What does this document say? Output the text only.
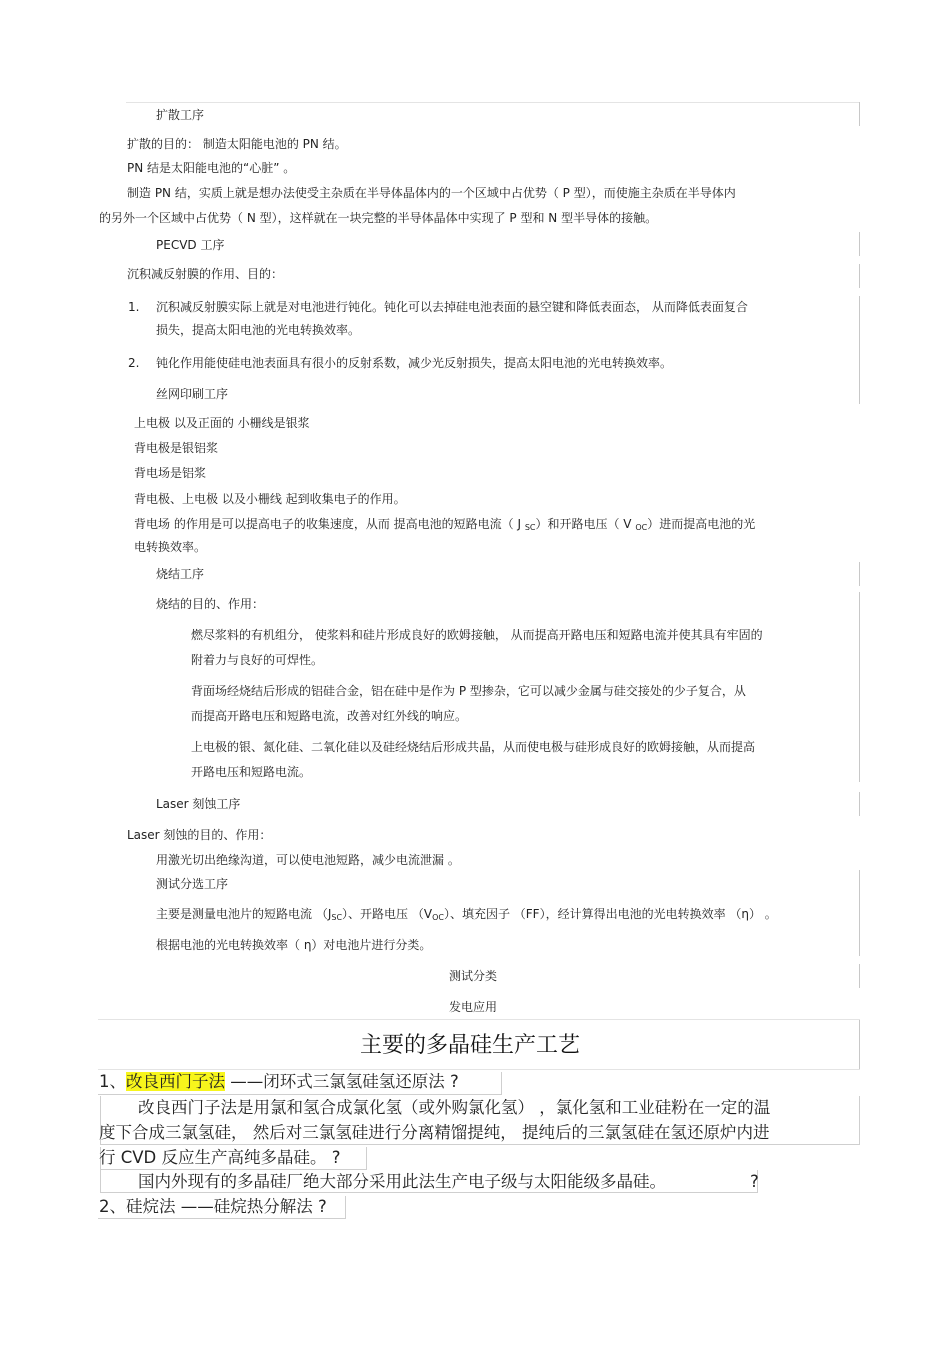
扩散工序
扩散的目的： 制造太阳能电池的 PN 结。
PN 结是太阳能电池的“心脏” 。
制造 PN 结，实质上就是想办法使受主杂质在半导体晶体内的一个区域中占优势（ P 型），而使施主杂质在半导体内
的另外一个区域中占优势（ N 型），这样就在一块完整的半导体晶体中实现了 P 型和 N 型半导体的接触。
PECVD 工序
沉积减反射膜的作用、目的：
1. 沉积减反射膜实际上就是对电池进行钝化。钝化可以去掉硅电池表面的悬空键和降低表面态， 从而降低表面复合
损失，提高太阳电池的光电转换效率。
2. 钝化作用能使硅电池表面具有很小的反射系数，减少光反射损失，提高太阳电池的光电转换效率。
丝网印刷工序
上电极 以及正面的 小栅线是银浆
背电极是银铝浆
背电场是铝浆
背电极、上电极 以及小栅线 起到收集电子的作用。
背电场 的作用是可以提高电子的收集速度，从而 提高电池的短路电流（ J $_{SC}$）和开路电压（ V $_{OC}$）进而提高电池的光
电转换效率。
烧结工序
烧结的目的、作用：
燃尽浆料的有机组分， 使浆料和硅片形成良好的欧姆接触， 从而提高开路电压和短路电流并使其具有牢固的
附着力与良好的可焊性。
背面场经烧结后形成的铝硅合金，铝在硅中是作为 P 型掺杂，它可以减少金属与硅交接处的少子复合，从
而提高开路电压和短路电流，改善对红外线的响应。
上电极的银、氮化硅、二氧化硅以及硅经烧结后形成共晶，从而使电极与硅形成良好的欧姆接触，从而提高
开路电压和短路电流。
Laser 刻蚀工序
Laser 刻蚀的目的、作用：
用激光切出绝缘沟道，可以使电池短路，减少电流泄漏 。
测试分选工序
主要是测量电池片的短路电流 $(J_{SC})$、开路电压 $(V_{OC})$、填充因子 （FF），经计算得出电池的光电转换效率 （η） 。
根据电池的光电转换效率（ η）对电池片进行分类。
测试分类
发电应用
主要的多晶硅生产工艺
1、改良西门子法 ——闭环式三氯氢硅氢还原法 ?
改良西门子法是用氯和氢合成氯化氢（或外购氯化氢） ，氯化氢和工业硅粉在一定的温
度下合成三氯氢硅， 然后对三氯氢硅进行分离精馏提纯， 提纯后的三氯氢硅在氢还原炉内进
行 CVD 反应生产高纯多晶硅。 ?
国内外现有的多晶硅厂绝大部分采用此法生产电子级与太阳能级多晶硅。	?
2、硅烷法 ——硅烷热分解法 ?
